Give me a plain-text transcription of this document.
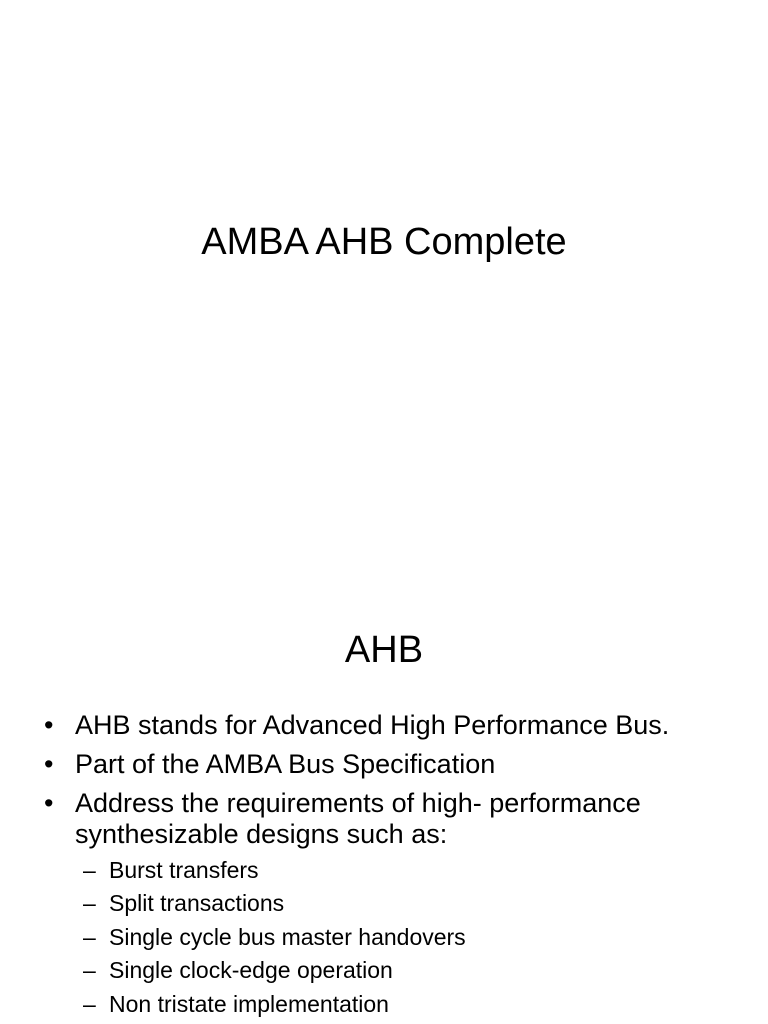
AMBA AHB Complete
AHB
• AHB stands for Advanced High Performance Bus.
• Part of the AMBA Bus Specification
• Address the requirements of high- performance synthesizable designs such as:
– Burst transfers
– Split transactions
– Single cycle bus master handovers
– Single clock-edge operation
– Non tristate implementation
